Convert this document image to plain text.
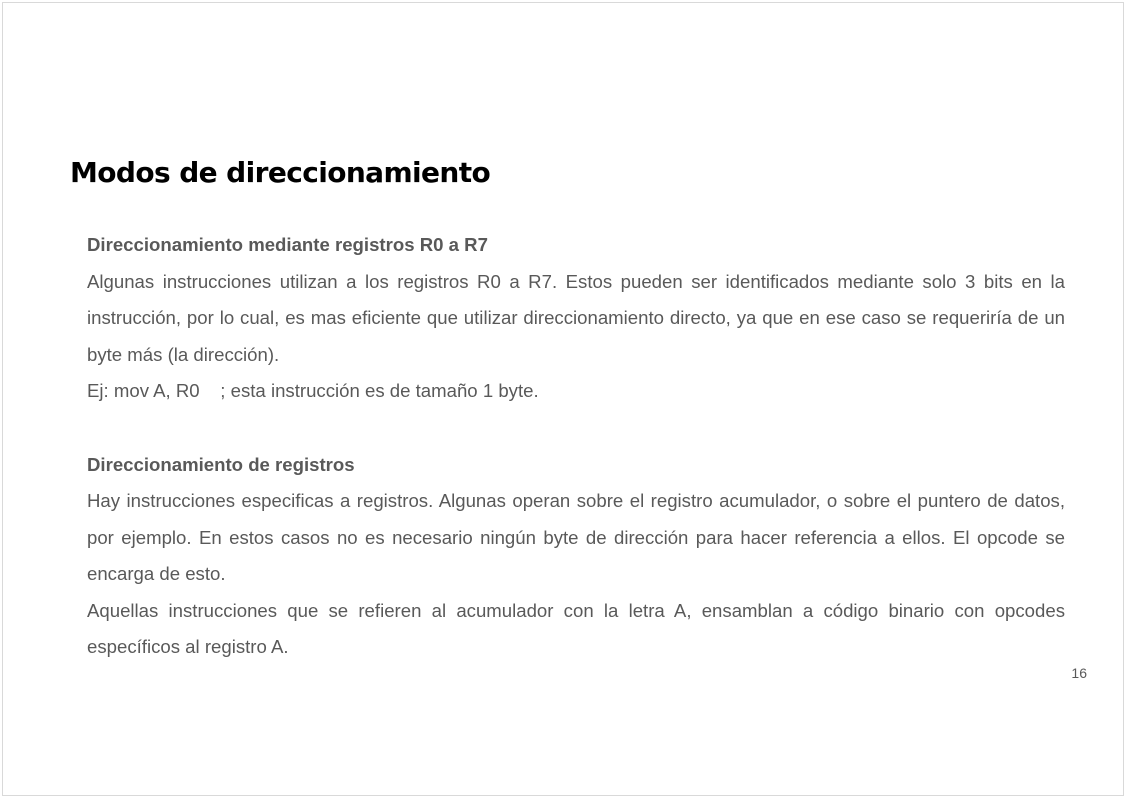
Modos de direccionamiento

Direccionamiento mediante registros R0 a R7

Algunas instrucciones utilizan a los registros R0 a R7. Estos pueden ser identificados mediante solo 3 bits en la instrucción, por lo cual, es mas eficiente que utilizar direccionamiento directo, ya que en ese caso se requeriría de un byte más (la dirección).

Ej: mov A, R0    ; esta instrucción es de tamaño 1 byte.

Direccionamiento de registros

Hay instrucciones especificas a registros. Algunas operan sobre el registro acumulador, o sobre el puntero de datos, por ejemplo. En estos casos no es necesario ningún byte de dirección para hacer referencia a ellos. El opcode se encarga de esto.

Aquellas instrucciones que se refieren al acumulador con la letra A, ensamblan a código binario con opcodes específicos al registro A.

16
